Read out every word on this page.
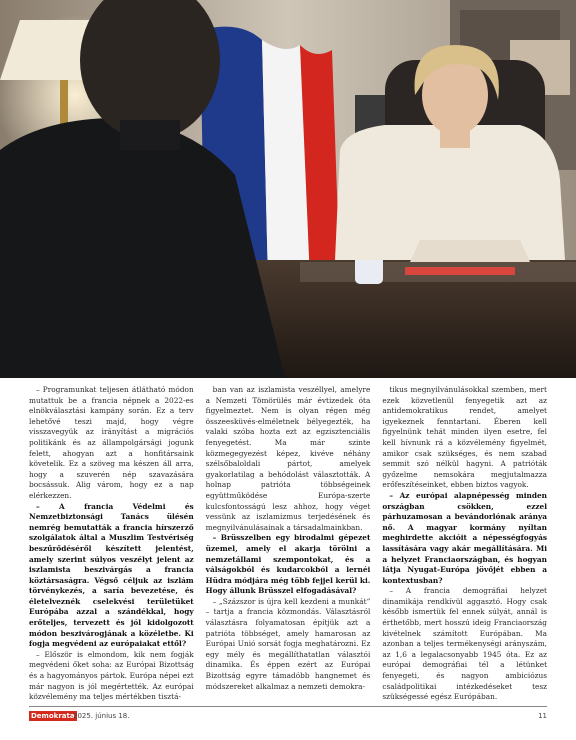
– Programunkat teljesen átlátható módon mutattuk be a francia népnek a 2022-es elnökválasztási kampány során. Ez a terv lehetővé teszi majd, hogy végre visszavegyük az irányítást a migrációs politikánk és az állampolgársági jogunk felett, ahogyan azt a honfitársaink követelik. Ez a szöveg ma készen áll arra, hogy a szuverén nép szavazására bocsássuk. Alig várom, hogy ez a nap elérkezzen.

– A francia Védelmi és Nemzetbiztonsági Tanács ülésén nemrég bemutatták a francia hírszerző szolgálatok által a Muszlim Testvériség beszűrődéséről készített jelentést, amely szerint súlyos veszélyt jelent az iszlamista beszivárgás a francia köztársaságra. Végső céljuk az iszlám törvénykezés, a saría bevezetése, és életelveznék cselekvési területüket Európába azzal a szándékkal, hogy erőteljes, tervezett és jól kidolgozott módon beszivárogjának a közéletbe. Ki fogja megvédeni az európaiakat ettől?

– Először is elmondom, kik nem fogják megvédeni őket soha: az Európai Bizottság és a hagyományos pártok. Európa népei ezt már nagyon is jól megértették. Az európai közvélemény ma teljes mértékben tisztá-

ban van az iszlamista veszéllyel, amelyre a Nemzeti Tömörülés már évtizedek óta figyelmeztet. Nem is olyan régen még összeesküvés-elméletnek bélyegezték, ha valaki szóba hozta ezt az egzisztenciális fenyegetést. Ma már szinte közmegegyezést képez, kivéve néhány szélsőbaloldali pártot, amelyek gyakorlatilag a behódolást választották. A holnap patrióta többségeinek együttműködése Európa-szerte kulcsfontosságú lesz ahhoz, hogy véget vessünk az iszlamizmus terjedésének és megnyilvánulásainak a társadalmainkban.

– Brüsszelben egy birodalmi gépezet üzemel, amely el akarja törölni a nemzetállami szempontokat, és a válságokból és kudarcokból a lernéi Hüdra módjára még több fejjel kerül ki. Hogy állunk Brüsszel elfogadásával?

– „Százszor is újra kell kezdeni a munkát” – tartja a francia közmondás. Választásról választásra folyamatosan építjük azt a patrióta többséget, amely hamarosan az Európai Unió sorsát fogja meghatározni. Ez egy mély és megállíthatatlan választói dinamika. És éppen ezért az Európai Bizottság egyre támadóbb hangnemet és módszereket alkalmaz a nemzeti demokra-

tikus megnyilvánulásokkal szemben, mert ezek közvetlenül fenyegetik azt az antidemokratikus rendet, amelyet igyekeznek fenntartani. Éberen kell figyelnünk tehát minden ilyen esetre, fel kell hívnunk rá a közvélemény figyelmét, amikor csak szükséges, és nem szabad semmit szó nélkül hagyni. A patrióták győzelme nemsokára megjutalmazza erőfeszítéseinket, ebben biztos vagyok.

– Az európai alapnépesség minden országban csökken, ezzel párhuzamosan a bevándorlónak aránya nő. A magyar kormány nyíltan meghirdette akcióit a népességfogyás lassítására vagy akár megállítására. Mi a helyzet Franciaországban, és hogyan látja Nyugat-Európa jövőjét ebben a kontextusban?

– A francia demográfiai helyzet dinamikája rendkívül aggasztó. Hogy csak később ismertük fel ennek súlyát, annál is érthetőbb, mert hosszú ideig Franciaország kivételnek számított Európában. Ma azonban a teljes termékenységi arányszám, az 1,6 a legalacsonyabb 1945 óta. Ez az európai demográfiai tél a létünket fenyegeti, és nagyon ambiciózus családpolitikai intézkedéseket tesz szükségessé egész Európában.

Demokrata
2025. június 18.	11
